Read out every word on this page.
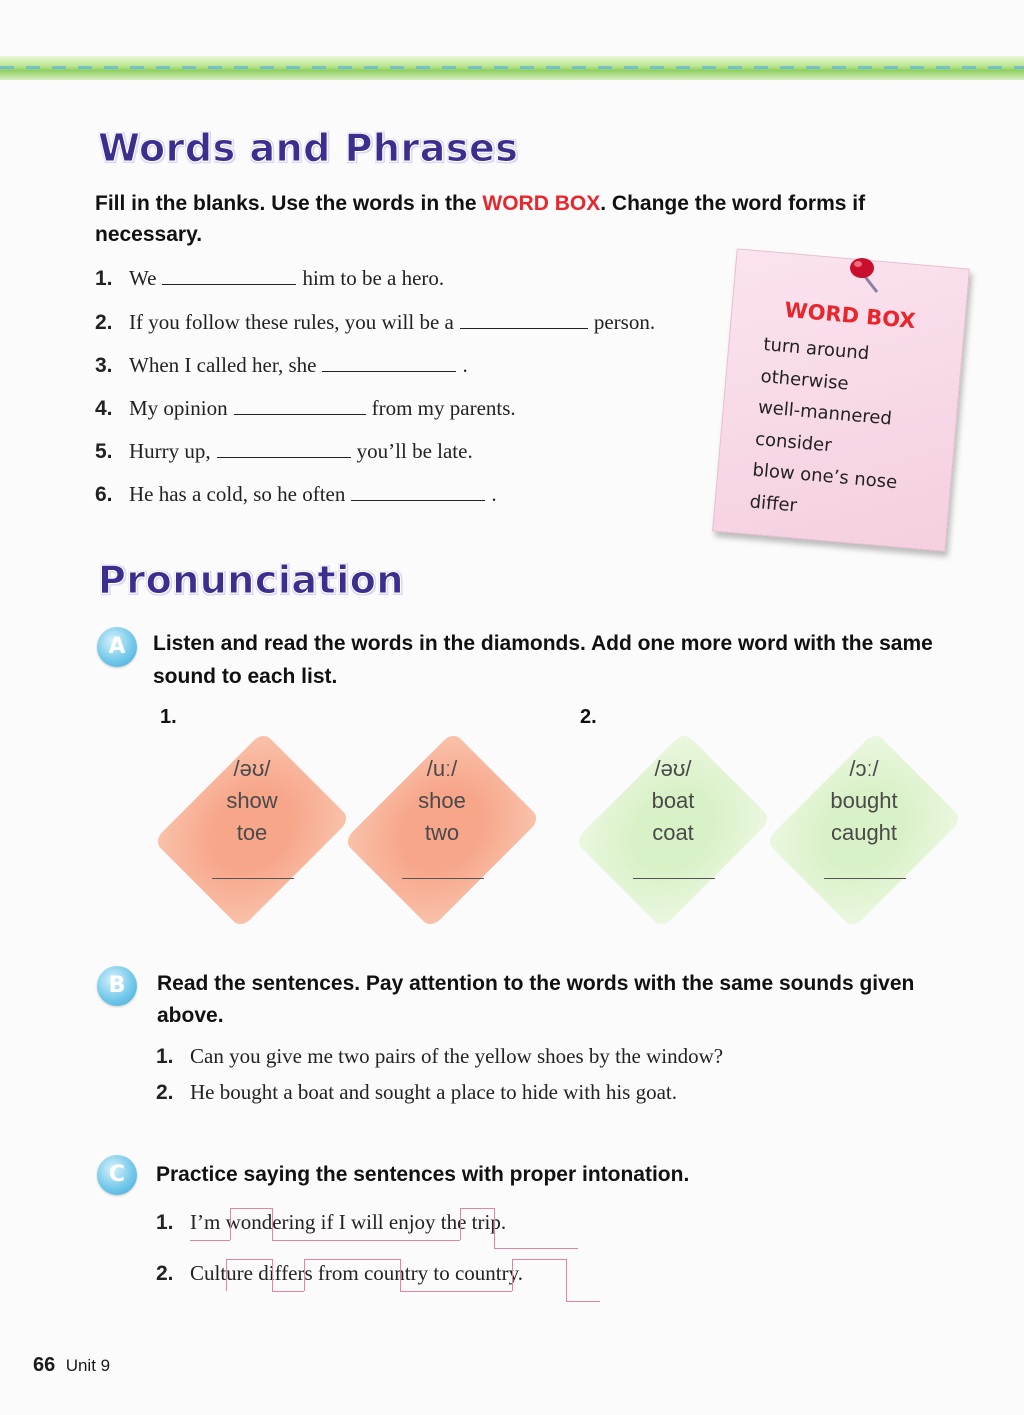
Words and Phrases
Fill in the blanks. Use the words in the WORD BOX. Change the word forms if necessary.
1. We	him to be a hero.
2. If you follow these rules, you will be a	person.
3. When I called her, she	.
4. My opinion	from my parents.
5. Hurry up,	you’ll be late.
6. He has a cold, so he often	.
WORD BOX
turn around
otherwise
well-mannered
consider
blow one’s nose
differ
Pronunciation
A	Listen and read the words in the diamonds. Add one more word with the same sound to each list.
1.	2.
/əʊ/
show
toe
/uː/
shoe
two
/əʊ/
boat
coat
/ɔː/
bought
caught
B	Read the sentences. Pay attention to the words with the same sounds given above.
1. Can you give me two pairs of the yellow shoes by the window?
2. He bought a boat and sought a place to hide with his goat.
C	Practice saying the sentences with proper intonation.
1. I’m wondering if I will enjoy the trip.
2. Culture differs from country to country.
66 Unit 9
